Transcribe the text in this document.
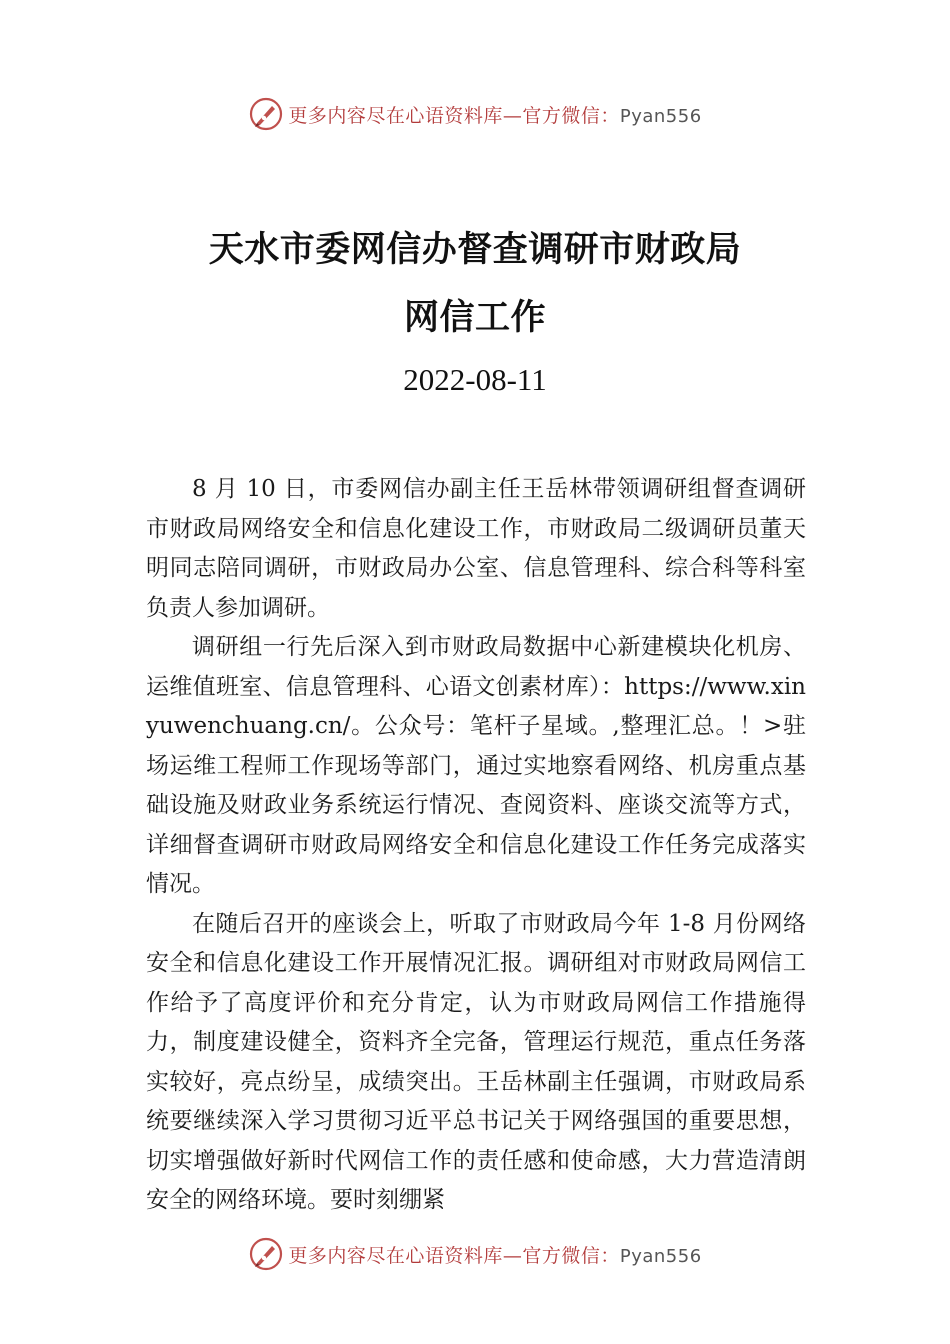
更多内容尽在心语资料库—官方微信：Pyan556
天水市委网信办督查调研市财政局
网信工作
2022-08-11

8 月 10 日，市委网信办副主任王岳林带领调研组督查调研市财政局网络安全和信息化建设工作，市财政局二级调研员董天明同志陪同调研，市财政局办公室、信息管理科、综合科等科室负责人参加调研。

调研组一行先后深入到市财政局数据中心新建模块化机房、运维值班室、信息管理科、心语文创素材库）：https://www.xinyuwenchuang.cn/。公众号：笔杆子星域。,整理汇总。！>驻场运维工程师工作现场等部门，通过实地察看网络、机房重点基础设施及财政业务系统运行情况、查阅资料、座谈交流等方式，详细督查调研市财政局网络安全和信息化建设工作任务完成落实情况。

在随后召开的座谈会上，听取了市财政局今年 1-8 月份网络安全和信息化建设工作开展情况汇报。调研组对市财政局网信工作给予了高度评价和充分肯定，认为市财政局网信工作措施得力，制度建设健全，资料齐全完备，管理运行规范，重点任务落实较好，亮点纷呈，成绩突出。王岳林副主任强调，市财政局系统要继续深入学习贯彻习近平总书记关于网络强国的重要思想，切实增强做好新时代网信工作的责任感和使命感，大力营造清朗安全的网络环境。要时刻绷紧

更多内容尽在心语资料库—官方微信：Pyan556
